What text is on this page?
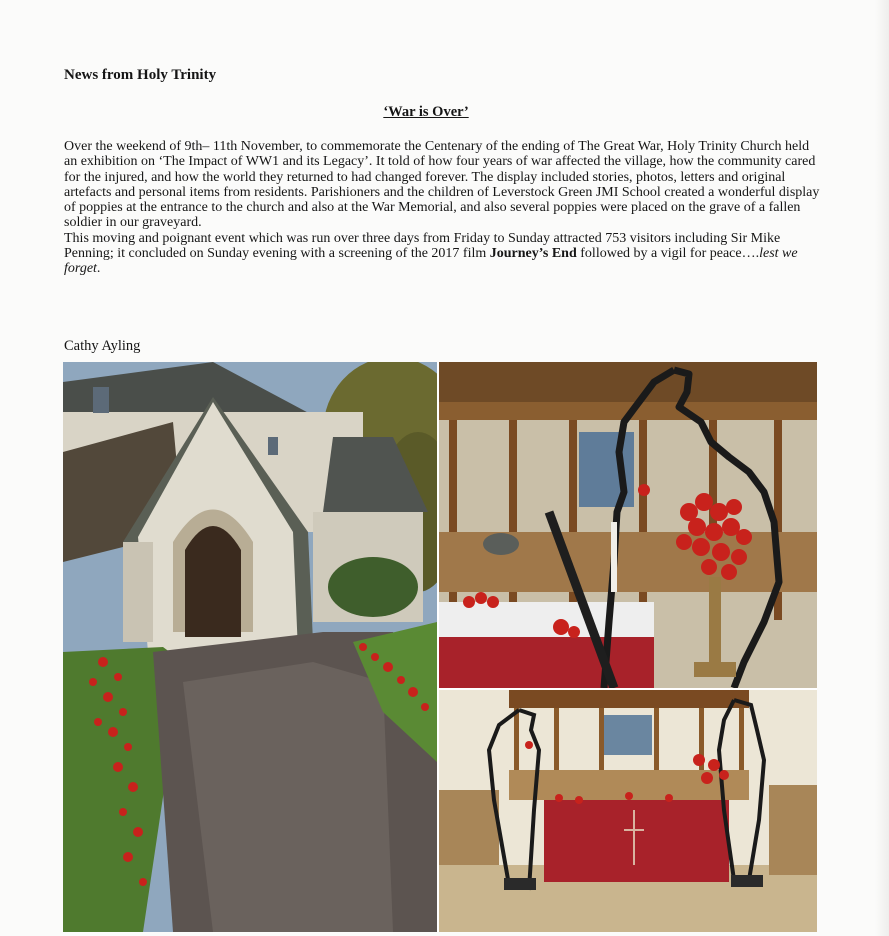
News from Holy Trinity
‘War is Over’

Over the weekend of 9th– 11th November, to commemorate the Centenary of the ending of The Great War, Holy Trinity Church held an exhibition on ‘The Impact of WW1 and its Legacy’. It told of how four years of war affected the village, how the community cared for the injured, and how the world they returned to had changed forever. The display included stories, photos, letters and original artefacts and personal items from residents. Parishioners and the children of Leverstock Green JMI School created a wonderful display of poppies at the entrance to the church and also at the War Memorial, and also several poppies were placed on the grave of a fallen soldier in our graveyard.

This moving and poignant event which was run over three days from Friday to Sunday attracted 753 visitors including Sir Mike Penning; it concluded on Sunday evening with a screening of the 2017 film Journey’s End followed by a vigil for peace….lest we forget.

Cathy Ayling
